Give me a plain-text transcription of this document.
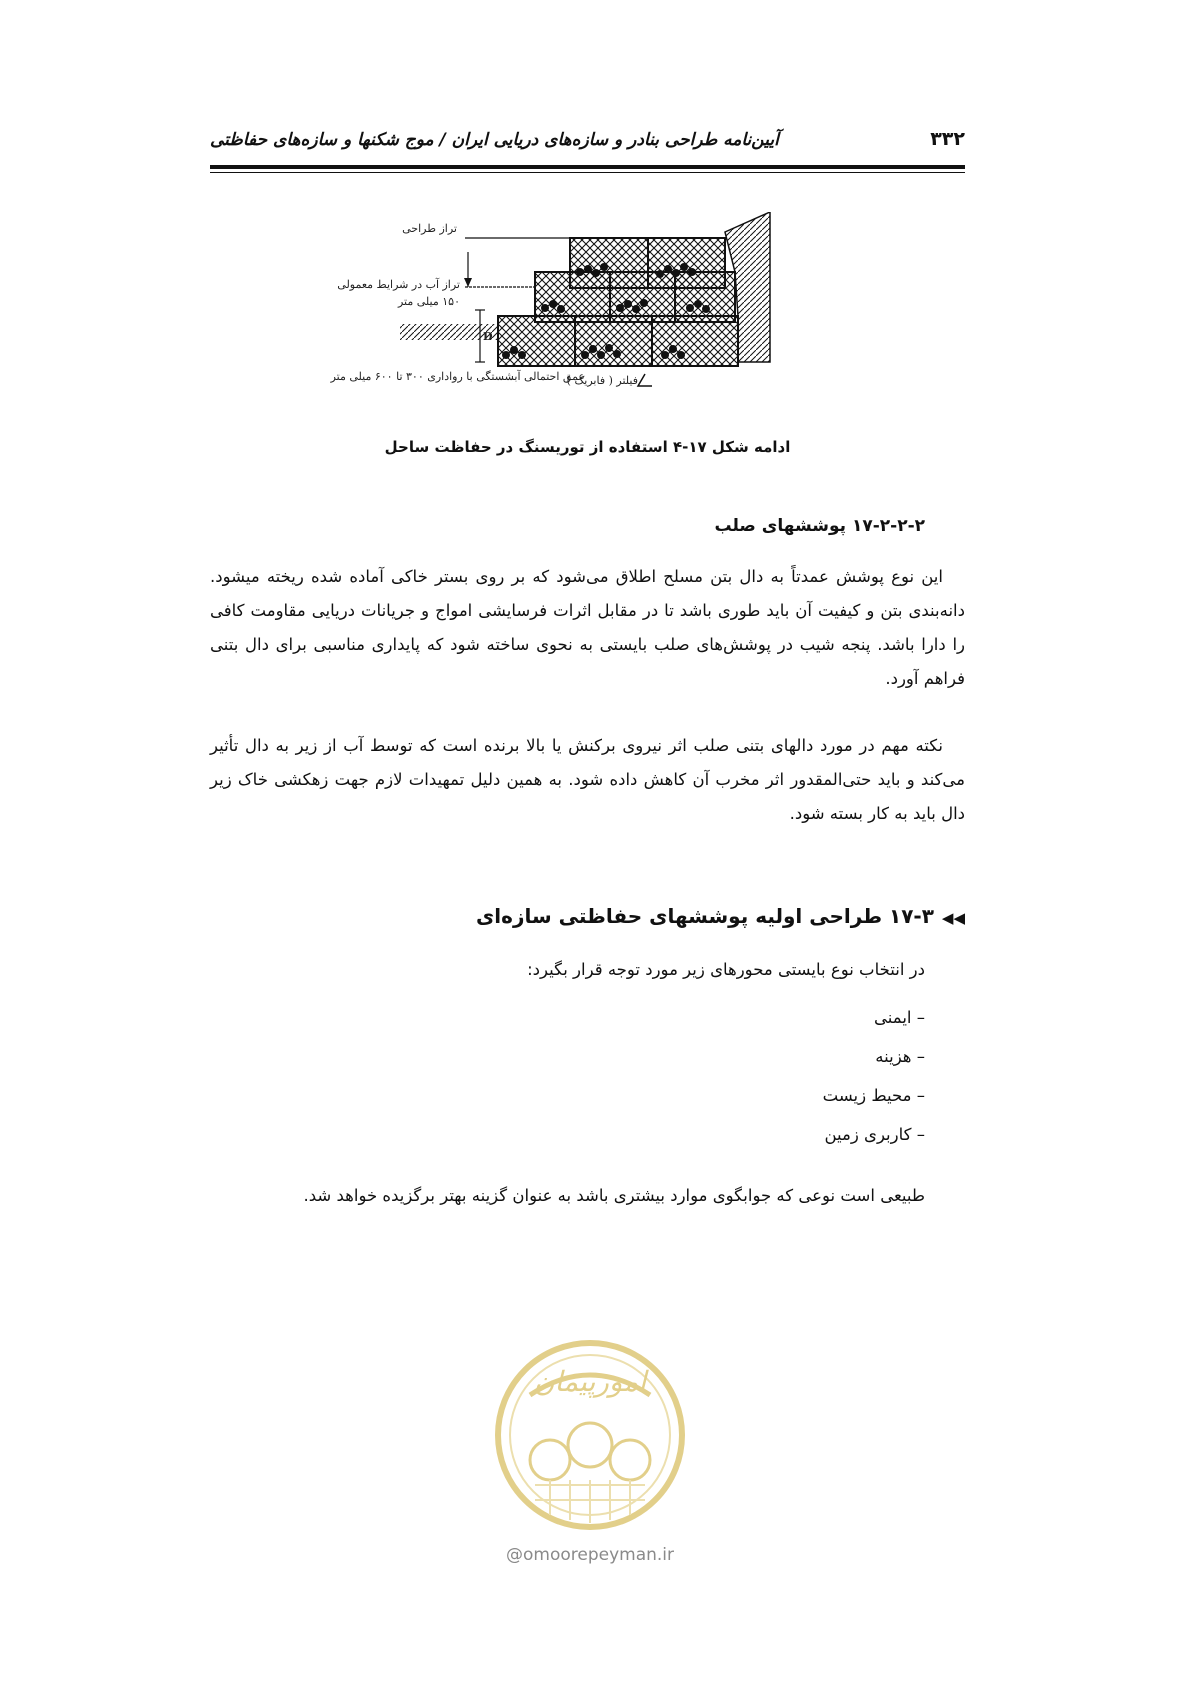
۳۳۲
آیین‌نامه طراحی بنادر و سازه‌های دریایی ایران / موج شکنها و سازه‌های حفاظتی
تراز طراحی
تراز آب در شرایط معمولی
۱۵۰ میلی متر
D
عمق احتمالی آبشستگی با رواداری ۳۰۰ تا ۶۰۰ میلی متر
فیلتر ( فابریک )
ادامه شکل ۱۷-۴ استفاده از توریسنگ در حفاظت ساحل
۱۷-۲-۲-۲ پوششهای صلب
این نوع پوشش عمدتاً به دال بتن مسلح اطلاق می‌شود که بر روی بستر خاکی آماده شده ریخته میشود. دانه‌بندی بتن و کیفیت آن باید طوری باشد تا در مقابل اثرات فرسایشی امواج و جریانات دریایی مقاومت کافی را دارا باشد. پنجه شیب در پوشش‌های صلب بایستی به نحوی ساخته شود که پایداری مناسبی برای دال بتنی فراهم آورد.
نکته مهم در مورد دالهای بتنی صلب اثر نیروی برکنش یا بالا برنده است که توسط آب از زیر به دال تأثیر می‌کند و باید حتی‌المقدور اثر مخرب آن کاهش داده شود. به همین دلیل تمهیدات لازم جهت زهکشی خاک زیر دال باید به کار بسته شود.
◀◀۱۷-۳ طراحی اولیه پوششهای حفاظتی سازه‌ای
در انتخاب نوع بایستی محورهای زیر مورد توجه قرار بگیرد:
– ایمنی
– هزینه
– محیط زیست
– کاربری زمین
طبیعی است نوعی که جوابگوی موارد بیشتری باشد به عنوان گزینه بهتر برگزیده خواهد شد.
امورپیمان
@omoorepeyman.ir
